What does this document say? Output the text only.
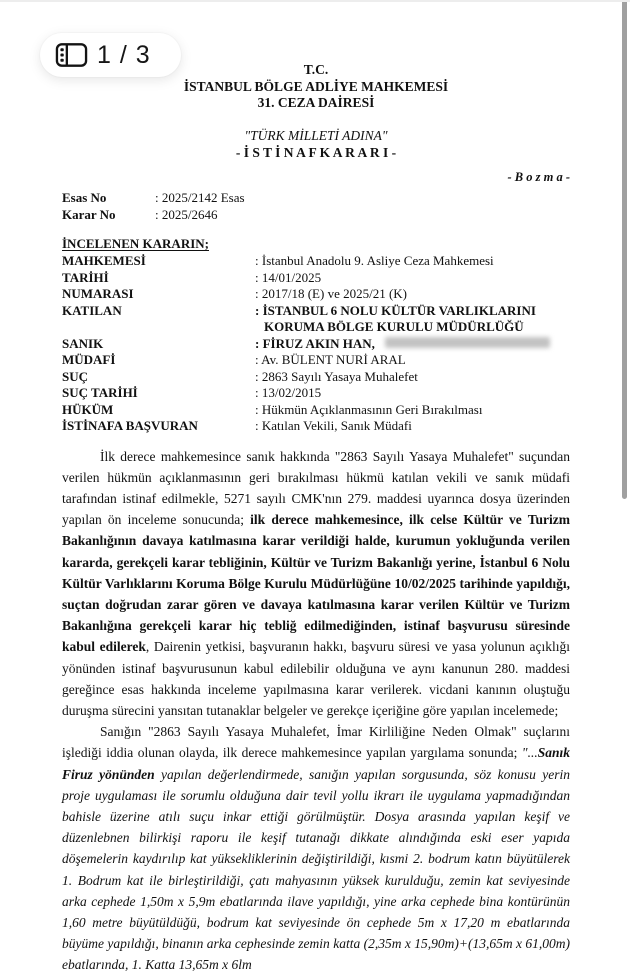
1 / 3
T.C.
İSTANBUL BÖLGE ADLİYE MAHKEMESİ
31. CEZA DAİRESİ
"TÜRK MİLLETİ ADINA"
- İ S T İ N A F K A R A R I -
- B o z m a -
Esas No	: 2025/2142 Esas
Karar No	: 2025/2646
İNCELENEN KARARIN;
MAHKEMESİ	: İstanbul Anadolu 9. Asliye Ceza Mahkemesi
TARİHİ	: 14/01/2025
NUMARASI	: 2017/18 (E) ve 2025/21 (K)
KATILAN	: İSTANBUL 6 NOLU KÜLTÜR VARLIKLARINI
KORUMA BÖLGE KURULU MÜDÜRLÜĞÜ
SANIK	: FİRUZ AKIN HAN,
MÜDAFİ	: Av. BÜLENT NURİ ARAL
SUÇ	: 2863 Sayılı Yasaya Muhalefet
SUÇ TARİHİ	: 13/02/2015
HÜKÜM	: Hükmün Açıklanmasının Geri Bırakılması
İSTİNAFA BAŞVURAN	: Katılan Vekili, Sanık Müdafi

İlk derece mahkemesince sanık hakkında "2863 Sayılı Yasaya Muhalefet" suçundan verilen hükmün açıklanmasının geri bırakılması hükmü katılan vekili ve sanık müdafi tarafından istinaf edilmekle, 5271 sayılı CMK'nın 279. maddesi uyarınca dosya üzerinden yapılan ön inceleme sonucunda; ilk derece mahkemesince, ilk celse Kültür ve Turizm Bakanlığının davaya katılmasına karar verildiği halde, kurumun yokluğunda verilen kararda, gerekçeli karar tebliğinin, Kültür ve Turizm Bakanlığı yerine, İstanbul 6 Nolu Kültür Varlıklarını Koruma Bölge Kurulu Müdürlüğüne 10/02/2025 tarihinde yapıldığı, suçtan doğrudan zarar gören ve davaya katılmasına karar verilen Kültür ve Turizm Bakanlığına gerekçeli karar hiç tebliğ edilmediğinden, istinaf başvurusu süresinde kabul edilerek, Dairenin yetkisi, başvuranın hakkı, başvuru süresi ve yasa yolunun açıklığı yönünden istinaf başvurusunun kabul edilebilir olduğuna ve aynı kanunun 280. maddesi gereğince esas hakkında inceleme yapılmasına karar verilerek. vicdani kanının oluştuğu duruşma sürecini yansıtan tutanaklar belgeler ve gerekçe içeriğine göre yapılan incelemede;

Sanığın "2863 Sayılı Yasaya Muhalefet, İmar Kirliliğine Neden Olmak" suçlarını işlediği iddia olunan olayda, ilk derece mahkemesince yapılan yargılama sonunda; "...Sanık Firuz yönünden yapılan değerlendirmede, sanığın yapılan sorgusunda, söz konusu yerin proje uygulaması ile sorumlu olduğuna dair tevil yollu ikrarı ile uygulama yapmadığından bahisle üzerine atılı suçu inkar ettiği görülmüştür. Dosya arasında yapılan keşif ve düzenlebnen bilirkişi raporu ile keşif tutanağı dikkate alındığında eski eser yapıda döşemelerin kaydırılıp kat yüksekliklerinin değiştirildiği, kısmi 2. bodrum katın büyütülerek 1. Bodrum kat ile birleştirildiği, çatı mahyasının yüksek kurulduğu, zemin kat seviyesinde arka cephede 1,50m x 5,9m ebatlarında ilave yapıldığı, yine arka cephede bina kontürünün 1,60 metre büyütüldüğü, bodrum kat seviyesinde ön cephede 5m x 17,20 m ebatlarında büyüme yapıldığı, binanın arka cephesinde zemin katta (2,35m x 15,90m)+(13,65m x 61,00m) ebatlarında, 1. Katta 13,65m x 6lm
